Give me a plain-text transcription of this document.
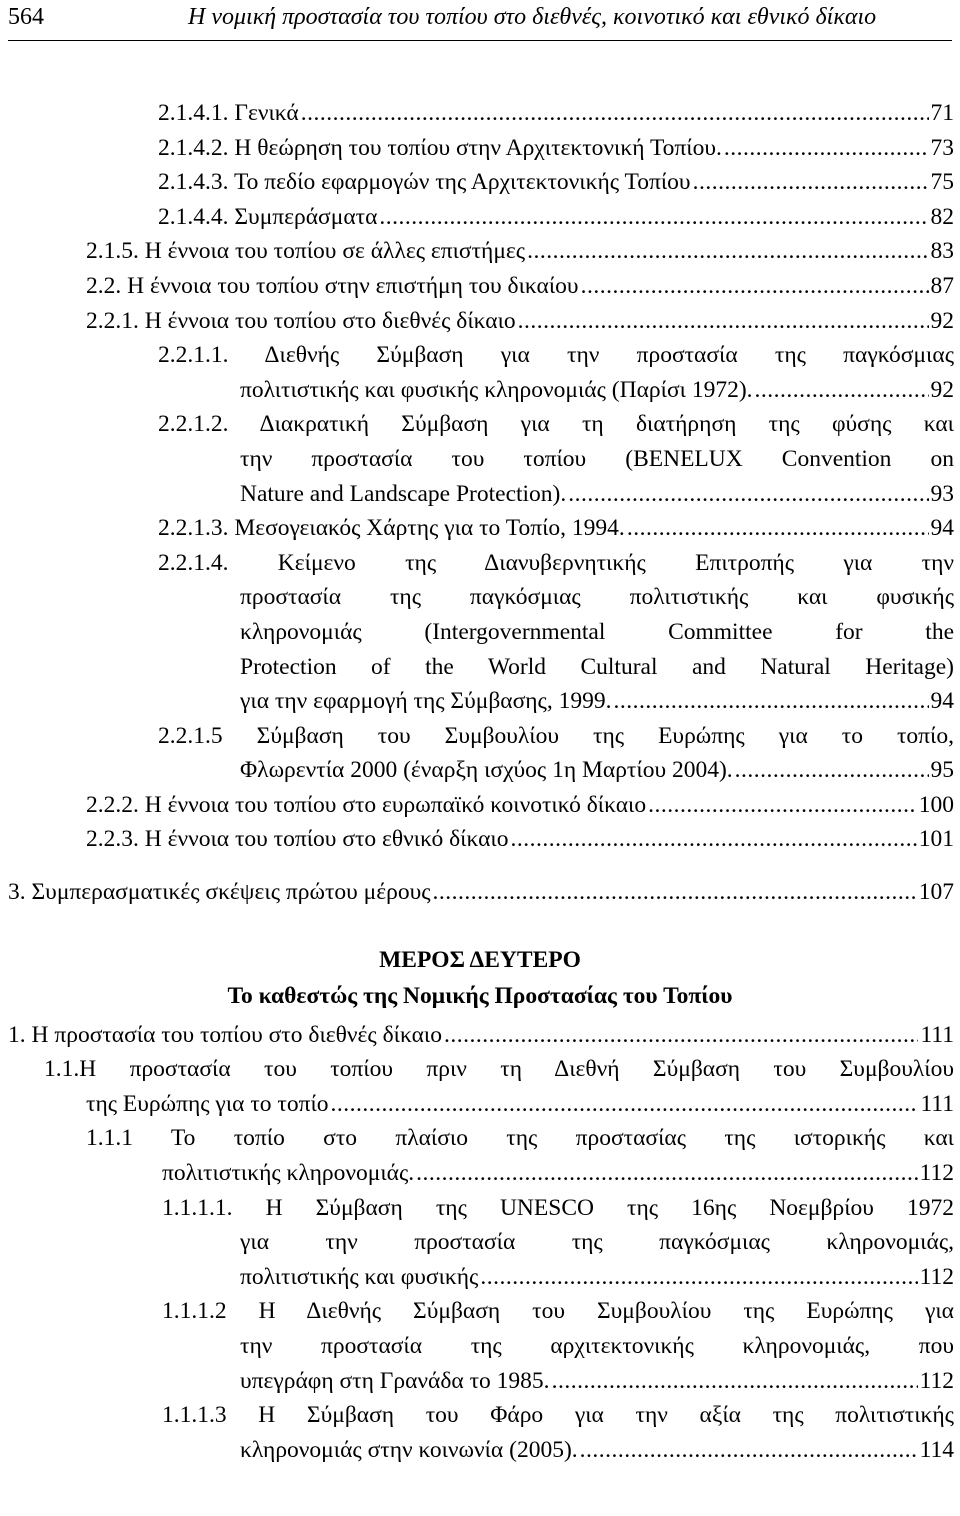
564	Η νομική προστασία του τοπίου στο διεθνές, κοινοτικό και εθνικό δίκαιο
2.1.4.1. Γενικά .....	71
2.1.4.2. Η θεώρηση του τοπίου στην Αρχιτεκτονική Τοπίου. .....	73
2.1.4.3. Το πεδίο εφαρμογών της Αρχιτεκτονικής Τοπίου .....	75
2.1.4.4. Συμπεράσματα .....	82
2.1.5. Η έννοια του τοπίου σε άλλες επιστήμες .....	83
2.2. Η έννοια του τοπίου στην επιστήμη του δικαίου .....	87
2.2.1. Η έννοια του τοπίου στο διεθνές δίκαιο .....	92
2.2.1.1. Διεθνής Σύμβαση για την προστασία της παγκόσμιας
πολιτιστικής και φυσικής κληρονομιάς (Παρίσι 1972). .....	92
2.2.1.2. Διακρατική Σύμβαση για τη διατήρηση της φύσης και
την προστασία του τοπίου (BENELUX Convention on
Nature and Landscape Protection). .....	93
2.2.1.3. Μεσογειακός Χάρτης για το Τοπίο, 1994. .....	94
2.2.1.4. Κείμενο της Διανυβερνητικής Επιτροπής για την
προστασία της παγκόσμιας πολιτιστικής και φυσικής
κληρονομιάς (Intergovernmental Committee for the
Protection of the World Cultural and Natural Heritage)
για την εφαρμογή της Σύμβασης, 1999. .....	94
2.2.1.5 Σύμβαση του Συμβουλίου της Ευρώπης για το τοπίο,
Φλωρεντία 2000 (έναρξη ισχύος 1η Μαρτίου 2004). .....	95
2.2.2. Η έννοια του τοπίου στο ευρωπαϊκό κοινοτικό δίκαιο .....	100
2.2.3. Η έννοια του τοπίου στο εθνικό δίκαιο .....	101
3. Συμπερασματικές σκέψεις πρώτου μέρους .....	107
ΜΕΡΟΣ ΔΕΥΤΕΡΟ
Το καθεστώς της Νομικής Προστασίας του Τοπίου
1. Η προστασία του τοπίου στο διεθνές δίκαιο .....	111
1.1.Η προστασία του τοπίου πριν τη Διεθνή Σύμβαση του Συμβουλίου
της Ευρώπης για το τοπίο .....	111
1.1.1 Το τοπίο στο πλαίσιο της προστασίας της ιστορικής και
πολιτιστικής κληρονομιάς. .....	112
1.1.1.1. Η Σύμβαση της UNESCO της 16ης Νοεμβρίου 1972
για την προστασία της παγκόσμιας κληρονομιάς,
πολιτιστικής και φυσικής .....	112
1.1.1.2 Η Διεθνής Σύμβαση του Συμβουλίου της Ευρώπης για
την προστασία της αρχιτεκτονικής κληρονομιάς, που
υπεγράφη στη Γρανάδα το 1985. .....	112
1.1.1.3 Η Σύμβαση του Φάρο για την αξία της πολιτιστικής
κληρονομιάς στην κοινωνία (2005). .....	114
